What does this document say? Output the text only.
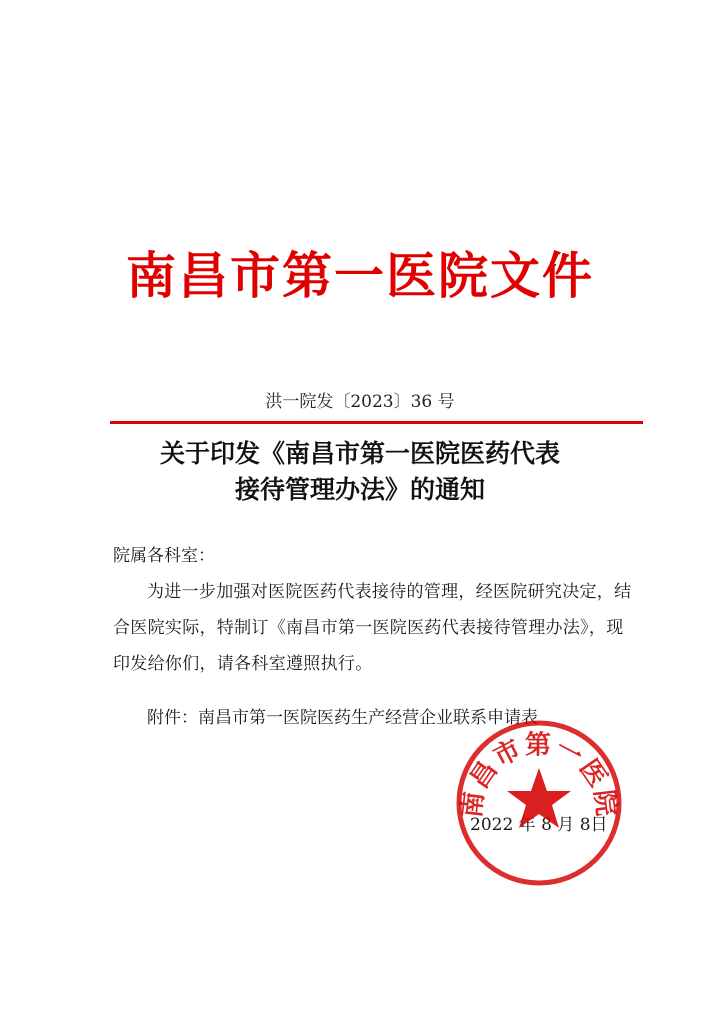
南昌市第一医院文件
洪一院发〔2023〕36 号
关于印发《南昌市第一医院医药代表
接待管理办法》的通知
院属各科室：
为进一步加强对医院医药代表接待的管理，经医院研究决定，结合医院实际，特制订《南昌市第一医院医药代表接待管理办法》，现印发给你们，请各科室遵照执行。
附件：南昌市第一医院医药生产经营企业联系申请表
2022 年 8 月 8日
南昌市第一医院
